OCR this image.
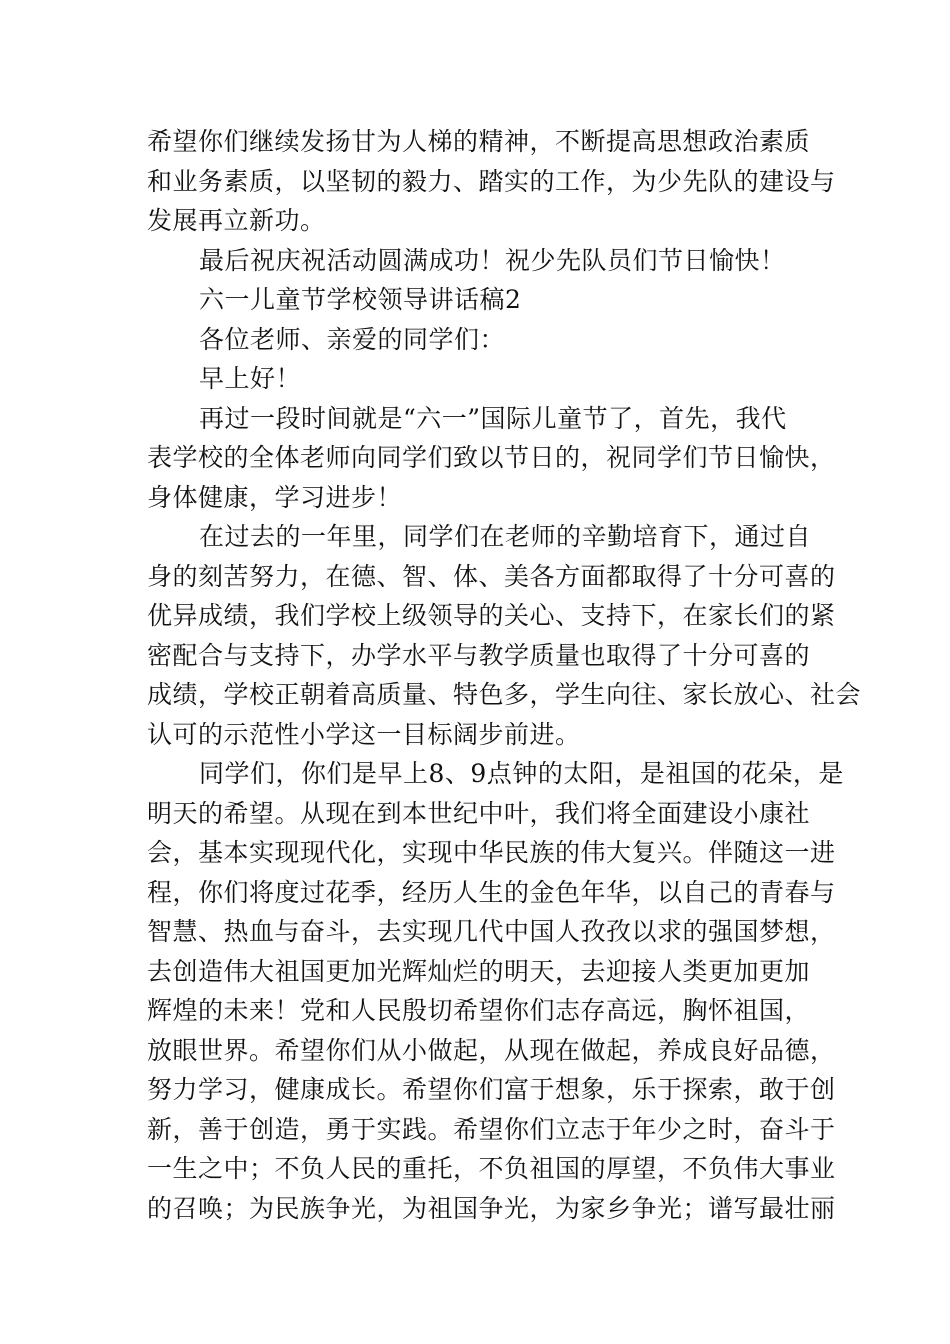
希望你们继续发扬甘为人梯的精神，不断提高思想政治素质
和业务素质，以坚韧的毅力、踏实的工作，为少先队的建设与
发展再立新功。
最后祝庆祝活动圆满成功！祝少先队员们节日愉快！
六一儿童节学校领导讲话稿2
各位老师、亲爱的同学们：
早上好！
再过一段时间就是“六一”国际儿童节了，首先，我代
表学校的全体老师向同学们致以节日的，祝同学们节日愉快，
身体健康，学习进步！
在过去的一年里，同学们在老师的辛勤培育下，通过自
身的刻苦努力，在德、智、体、美各方面都取得了十分可喜的
优异成绩，我们学校上级领导的关心、支持下，在家长们的紧
密配合与支持下，办学水平与教学质量也取得了十分可喜的
成绩，学校正朝着高质量、特色多，学生向往、家长放心、社会
认可的示范性小学这一目标阔步前进。
同学们，你们是早上8、9点钟的太阳，是祖国的花朵，是
明天的希望。从现在到本世纪中叶，我们将全面建设小康社
会，基本实现现代化，实现中华民族的伟大复兴。伴随这一进
程，你们将度过花季，经历人生的金色年华，以自己的青春与
智慧、热血与奋斗，去实现几代中国人孜孜以求的强国梦想，
去创造伟大祖国更加光辉灿烂的明天，去迎接人类更加更加
辉煌的未来！党和人民殷切希望你们志存高远，胸怀祖国，
放眼世界。希望你们从小做起，从现在做起，养成良好品德，
努力学习，健康成长。希望你们富于想象，乐于探索，敢于创
新，善于创造，勇于实践。希望你们立志于年少之时，奋斗于
一生之中；不负人民的重托，不负祖国的厚望，不负伟大事业
的召唤；为民族争光，为祖国争光，为家乡争光；谱写最壮丽
